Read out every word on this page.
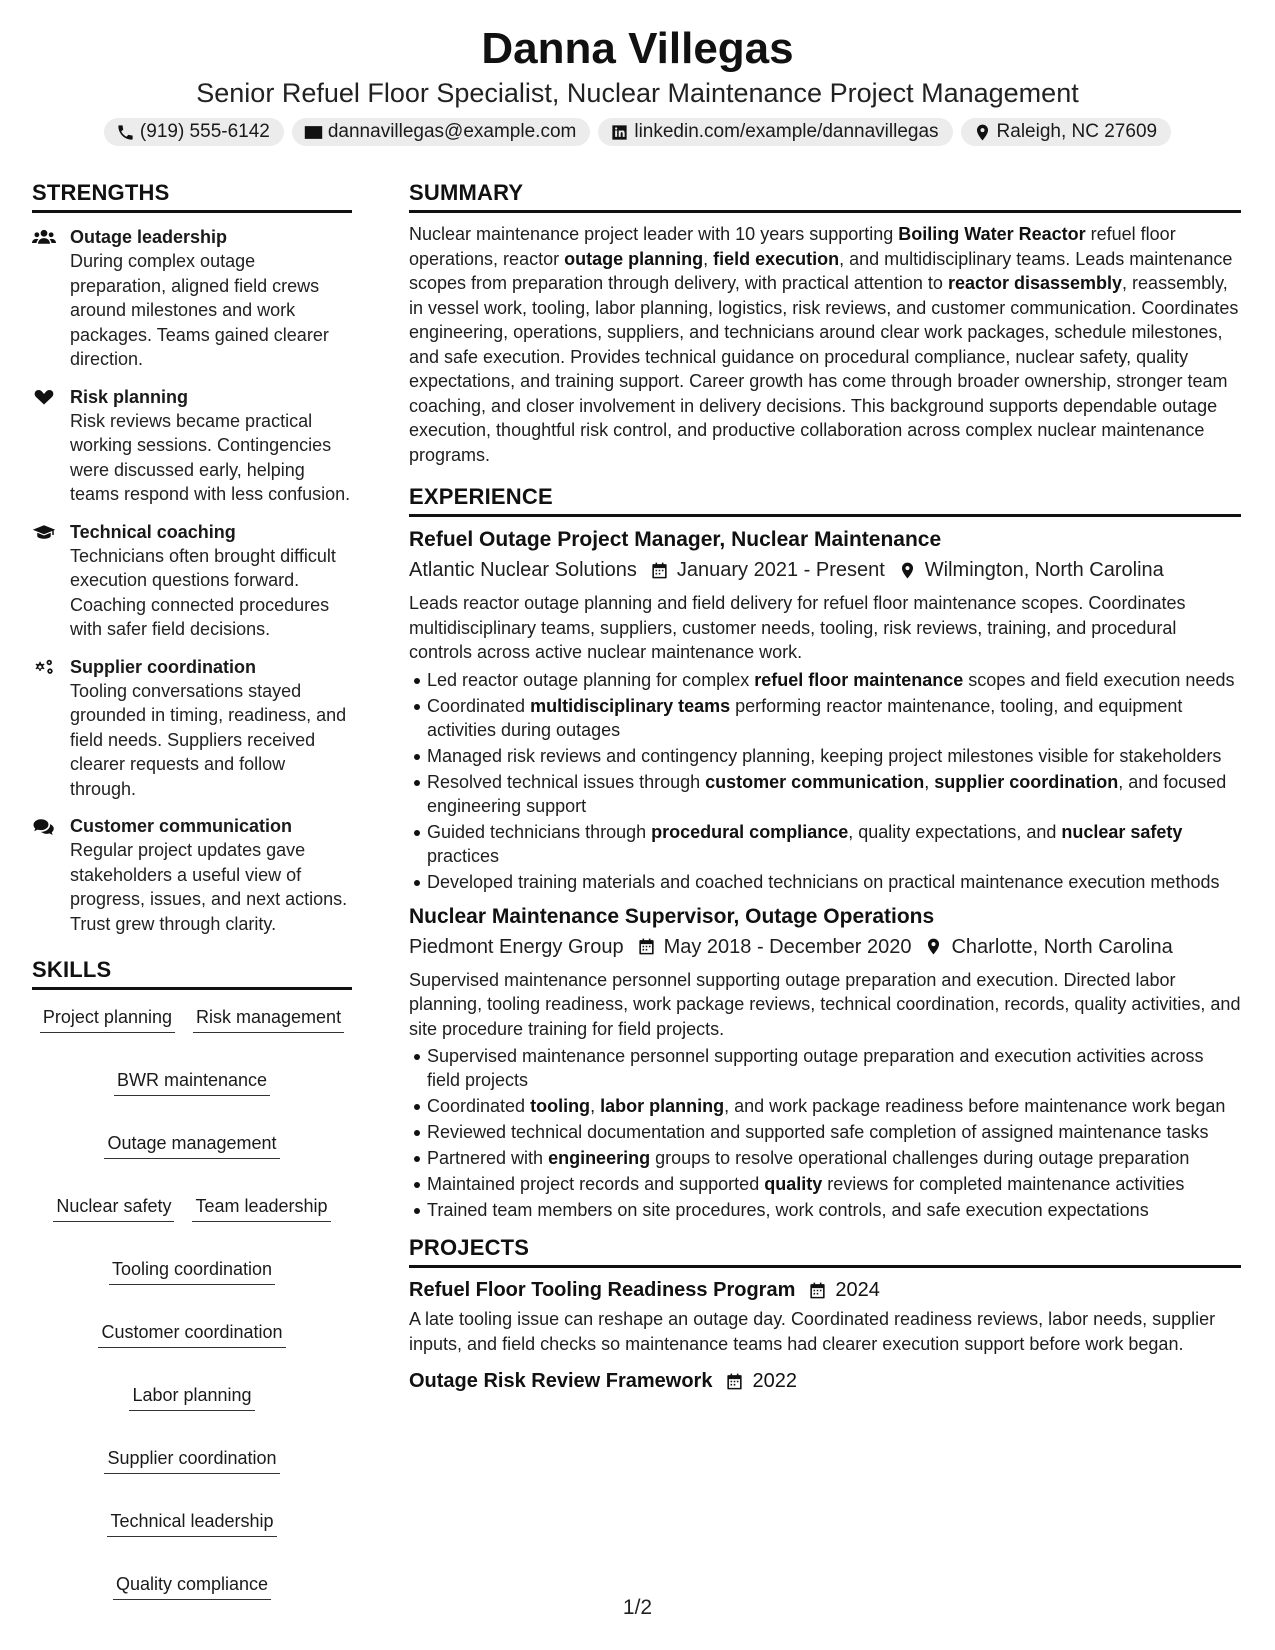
Danna Villegas
Senior Refuel Floor Specialist, Nuclear Maintenance Project Management
(919) 555-6142	dannavillegas@example.com	linkedin.com/example/dannavillegas	Raleigh, NC 27609
STRENGTHS
Outage leadership
During complex outage preparation, aligned field crews around milestones and work packages. Teams gained clearer direction.
Risk planning
Risk reviews became practical working sessions. Contingencies were discussed early, helping teams respond with less confusion.
Technical coaching
Technicians often brought difficult execution questions forward. Coaching connected procedures with safer field decisions.
Supplier coordination
Tooling conversations stayed grounded in timing, readiness, and field needs. Suppliers received clearer requests and follow through.
Customer communication
Regular project updates gave stakeholders a useful view of progress, issues, and next actions. Trust grew through clarity.
SKILLS
Project planning Risk management
BWR maintenance
Outage management
Nuclear safety Team leadership
Tooling coordination
Customer coordination
Labor planning
Supplier coordination
Technical leadership
Quality compliance
SUMMARY
Nuclear maintenance project leader with 10 years supporting Boiling Water Reactor refuel floor operations, reactor outage planning, field execution, and multidisciplinary teams. Leads maintenance scopes from preparation through delivery, with practical attention to reactor disassembly, reassembly, in vessel work, tooling, labor planning, logistics, risk reviews, and customer communication. Coordinates engineering, operations, suppliers, and technicians around clear work packages, schedule milestones, and safe execution. Provides technical guidance on procedural compliance, nuclear safety, quality expectations, and training support. Career growth has come through broader ownership, stronger team coaching, and closer involvement in delivery decisions. This background supports dependable outage execution, thoughtful risk control, and productive collaboration across complex nuclear maintenance programs.
EXPERIENCE
Refuel Outage Project Manager, Nuclear Maintenance
Atlantic Nuclear Solutions January 2021 - Present Wilmington, North Carolina
Leads reactor outage planning and field delivery for refuel floor maintenance scopes. Coordinates multidisciplinary teams, suppliers, customer needs, tooling, risk reviews, training, and procedural controls across active nuclear maintenance work.
Led reactor outage planning for complex refuel floor maintenance scopes and field execution needs
Coordinated multidisciplinary teams performing reactor maintenance, tooling, and equipment activities during outages
Managed risk reviews and contingency planning, keeping project milestones visible for stakeholders
Resolved technical issues through customer communication, supplier coordination, and focused engineering support
Guided technicians through procedural compliance, quality expectations, and nuclear safety practices
Developed training materials and coached technicians on practical maintenance execution methods
Nuclear Maintenance Supervisor, Outage Operations
Piedmont Energy Group May 2018 - December 2020 Charlotte, North Carolina
Supervised maintenance personnel supporting outage preparation and execution. Directed labor planning, tooling readiness, work package reviews, technical coordination, records, quality activities, and site procedure training for field projects.
Supervised maintenance personnel supporting outage preparation and execution activities across field projects
Coordinated tooling, labor planning, and work package readiness before maintenance work began
Reviewed technical documentation and supported safe completion of assigned maintenance tasks
Partnered with engineering groups to resolve operational challenges during outage preparation
Maintained project records and supported quality reviews for completed maintenance activities
Trained team members on site procedures, work controls, and safe execution expectations
PROJECTS
Refuel Floor Tooling Readiness Program 2024
A late tooling issue can reshape an outage day. Coordinated readiness reviews, labor needs, supplier inputs, and field checks so maintenance teams had clearer execution support before work began.
Outage Risk Review Framework 2022
1/2
